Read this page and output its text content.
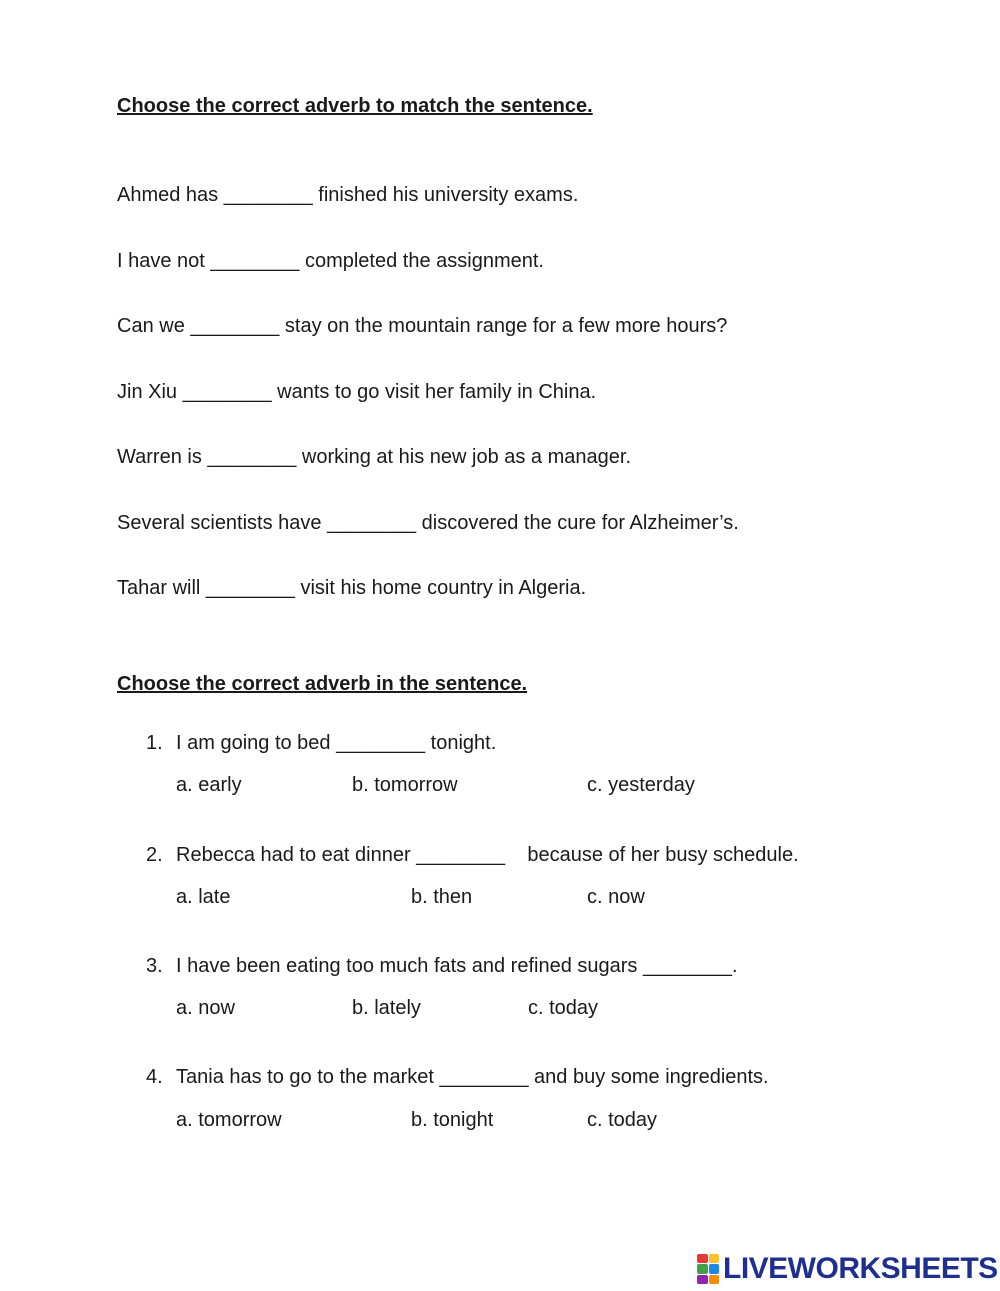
Choose the correct adverb to match the sentence.
Ahmed has ________ finished his university exams.
I have not ________ completed the assignment.
Can we ________ stay on the mountain range for a few more hours?
Jin Xiu ________ wants to go visit her family in China.
Warren is ________ working at his new job as a manager.
Several scientists have ________ discovered the cure for Alzheimer’s.
Tahar will ________ visit his home country in Algeria.
Choose the correct adverb in the sentence.
1. I am going to bed ________ tonight.
a. early	b. tomorrow	c. yesterday
2. Rebecca had to eat dinner ________    because of her busy schedule.
a. late	b. then	c. now
3. I have been eating too much fats and refined sugars ________.
a. now	b. lately	c. today
4. Tania has to go to the market ________ and buy some ingredients.
a. tomorrow	b. tonight	c. today
LIVEWORKSHEETS
